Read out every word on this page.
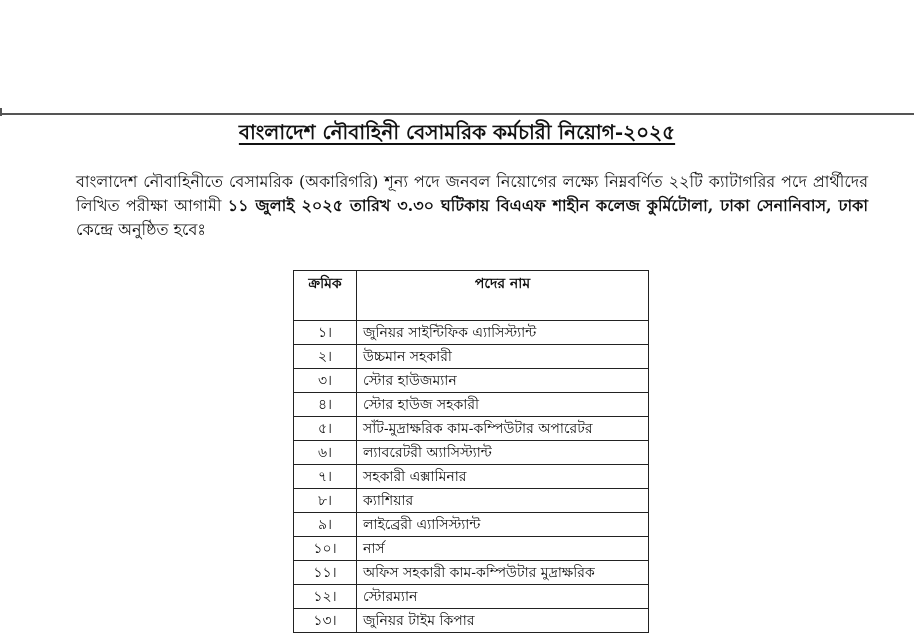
বাংলাদেশ নৌবাহিনী বেসামরিক কর্মচারী নিয়োগ-২০২৫

বাংলাদেশ নৌবাহিনীতে বেসামরিক (অকারিগরি) শূন্য পদে জনবল নিয়োগের লক্ষ্যে নিম্নবর্ণিত ২২টি ক্যাটাগরির পদে প্রার্থীদের লিখিত পরীক্ষা আগামী ১১ জুলাই ২০২৫ তারিখ ৩.৩০ ঘটিকায় বিএএফ শাহীন কলেজ কুর্মিটোলা, ঢাকা সেনানিবাস, ঢাকা কেন্দ্রে অনুষ্ঠিত হবেঃ

ক্রমিক	পদের নাম
১।	জুনিয়র সাইন্টিফিক এ্যাসিস্ট্যান্ট
২।	উচ্চমান সহকারী
৩।	স্টোর হাউজম্যান
৪।	স্টোর হাউজ সহকারী
৫।	সাঁট-মুদ্রাক্ষরিক কাম-কম্পিউটার অপারেটর
৬।	ল্যাবরেটরী অ্যাসিস্ট্যান্ট
৭।	সহকারী এক্সামিনার
৮।	ক্যাশিয়ার
৯।	লাইব্রেরী এ্যাসিস্ট্যান্ট
১০।	নার্স
১১।	অফিস সহকারী কাম-কম্পিউটার মুদ্রাক্ষরিক
১২।	স্টোরম্যান
১৩।	জুনিয়র টাইম কিপার
